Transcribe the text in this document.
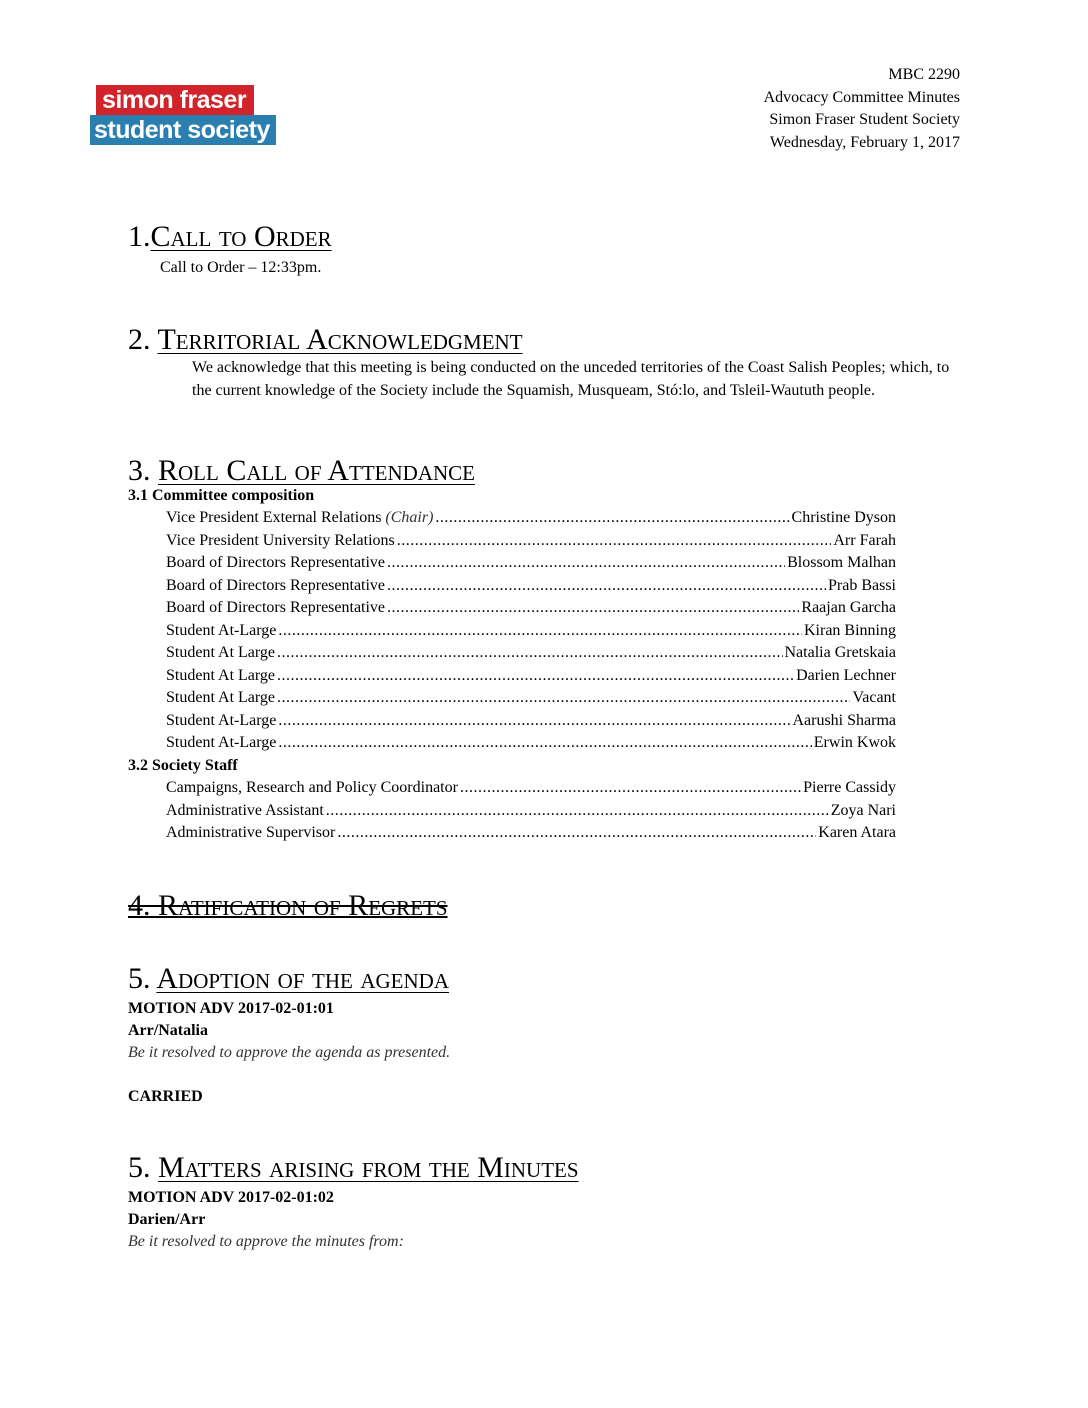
simon fraser
student society
MBC 2290
Advocacy Committee Minutes
Simon Fraser Student Society
Wednesday, February 1, 2017
1.Call to Order
Call to Order – 12:33pm.
2. Territorial Acknowledgment
We acknowledge that this meeting is being conducted on the unceded territories of the Coast Salish Peoples; which, to the current knowledge of the Society include the Squamish, Musqueam, Stó:lo, and Tsleil-Waututh people.
3. Roll Call of Attendance
3.1 Committee composition
Vice President External Relations (Chair) .....	Christine Dyson
Vice President University Relations .....	Arr Farah
Board of Directors Representative .....	Blossom Malhan
Board of Directors Representative .....	Prab Bassi
Board of Directors Representative .....	Raajan Garcha
Student At-Large .....	Kiran Binning
Student At Large .....	Natalia Gretskaia
Student At Large .....	Darien Lechner
Student At Large .....	Vacant
Student At-Large .....	Aarushi Sharma
Student At-Large .....	Erwin Kwok
3.2 Society Staff
Campaigns, Research and Policy Coordinator .....	Pierre Cassidy
Administrative Assistant .....	Zoya Nari
Administrative Supervisor .....	Karen Atara
4. Ratification of Regrets
5. Adoption of the agenda
MOTION ADV 2017-02-01:01
Arr/Natalia
Be it resolved to approve the agenda as presented.
CARRIED
5. Matters arising from the Minutes
MOTION ADV 2017-02-01:02
Darien/Arr
Be it resolved to approve the minutes from:
